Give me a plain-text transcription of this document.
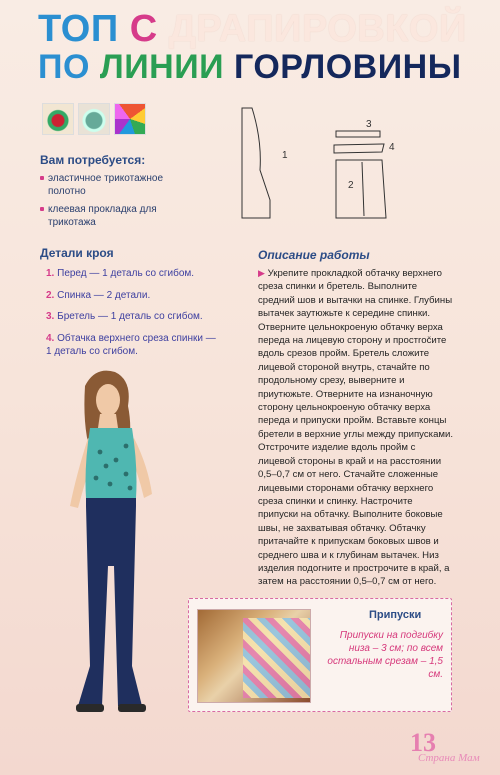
ТОП С ДРАПИРОВКОЙ
ПО ЛИНИИ ГОРЛОВИНЫ
Вам потребуется:
эластичное трикотажное полотно
клеевая прокладка для трикотажа
Детали кроя
1. Перед — 1 деталь со сгибом.
2. Спинка — 2 детали.
3. Бретель — 1 деталь со сгибом.
4. Обтачка верхнего среза спинки — 1 деталь со сгибом.
1
3
4
2
Описание работы
▶ Укрепите прокладкой обтачку верхнего среза спинки и бретель. Выполните средний шов и вытачки на спинке. Глубины вытачек заутюжьте к середине спинки. Отверните цельнокроеную обтачку верха переда на лицевую сторону и простročите вдоль срезов пройм. Бретель сложите лицевой стороной внутрь, стачайте по продольному срезу, выверните и приутюжьте. Отверните на изнаночную сторону цельнокроеную обтачку верха переда и припуски пройм. Вставьте концы бретели в верхние углы между припусками. Отстрочите изделие вдоль пройм с лицевой стороны в край и на расстоянии 0,5–0,7 см от него. Стачайте сложенные лицевыми сторонами обтачку верхнего среза спинки и спинку. Настрочите припуски на обтачку. Выполните боковые швы, не захватывая обтачку. Обтачку притачайте к припускам боковых швов и среднего шва и к глубинам вытачек. Низ изделия подогните и прострочите в край, а затем на расстоянии 0,5–0,7 см от него.
Припуски
Припуски на подгибку низа – 3 см; по всем остальным срезам – 1,5 см.
13
Страна Мам
